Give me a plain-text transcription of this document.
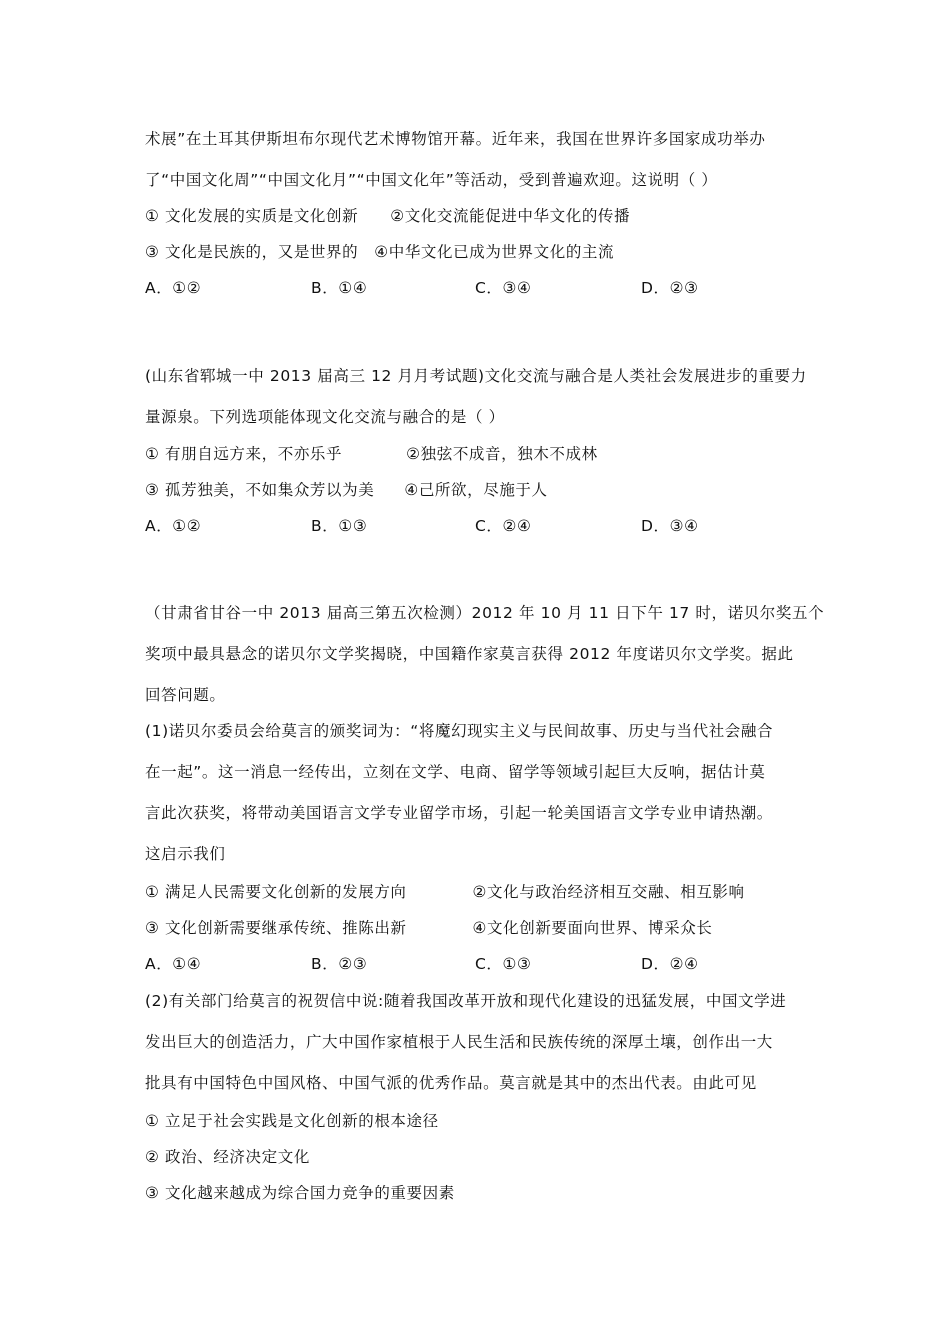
术展”在土耳其伊斯坦布尔现代艺术博物馆开幕。近年来，我国在世界许多国家成功举办
了“中国文化周”“中国文化月”“中国文化年”等活动，受到普遍欢迎。这说明（ ）
① 文化发展的实质是文化创新 ②文化交流能促进中华文化的传播
③ 文化是民族的，又是世界的 ④中华文化已成为世界文化的主流
A．①②	B．①④	C．③④	D．②③
(山东省郓城一中 2013 届高三 12 月月考试题)文化交流与融合是人类社会发展进步的重要力
量源泉。下列选项能体现文化交流与融合的是（ ）
① 有朋自远方来，不亦乐乎	②独弦不成音，独木不成林
③ 孤芳独美，不如集众芳以为美 ④己所欲，尽施于人
A．①②	B．①③	C．②④	D．③④
（甘肃省甘谷一中 2013 届高三第五次检测）2012 年 10 月 11 日下午 17 时，诺贝尔奖五个
奖项中最具悬念的诺贝尔文学奖揭晓，中国籍作家莫言获得 2012 年度诺贝尔文学奖。据此
回答问题。
(1)诺贝尔委员会给莫言的颁奖词为：“将魔幻现实主义与民间故事、历史与当代社会融合
在一起”。这一消息一经传出，立刻在文学、电商、留学等领域引起巨大反响，据估计莫
言此次获奖，将带动美国语言文学专业留学市场，引起一轮美国语言文学专业申请热潮。
这启示我们
① 满足人民需要文化创新的发展方向	②文化与政治经济相互交融、相互影响
③ 文化创新需要继承传统、推陈出新	④文化创新要面向世界、博采众长
A．①④	B．②③	C．①③	D．②④
(2)有关部门给莫言的祝贺信中说:随着我国改革开放和现代化建设的迅猛发展，中国文学进
发出巨大的创造活力，广大中国作家植根于人民生活和民族传统的深厚土壤，创作出一大
批具有中国特色中国风格、中国气派的优秀作品。莫言就是其中的杰出代表。由此可见
① 立足于社会实践是文化创新的根本途径
② 政治、经济决定文化
③ 文化越来越成为综合国力竞争的重要因素
